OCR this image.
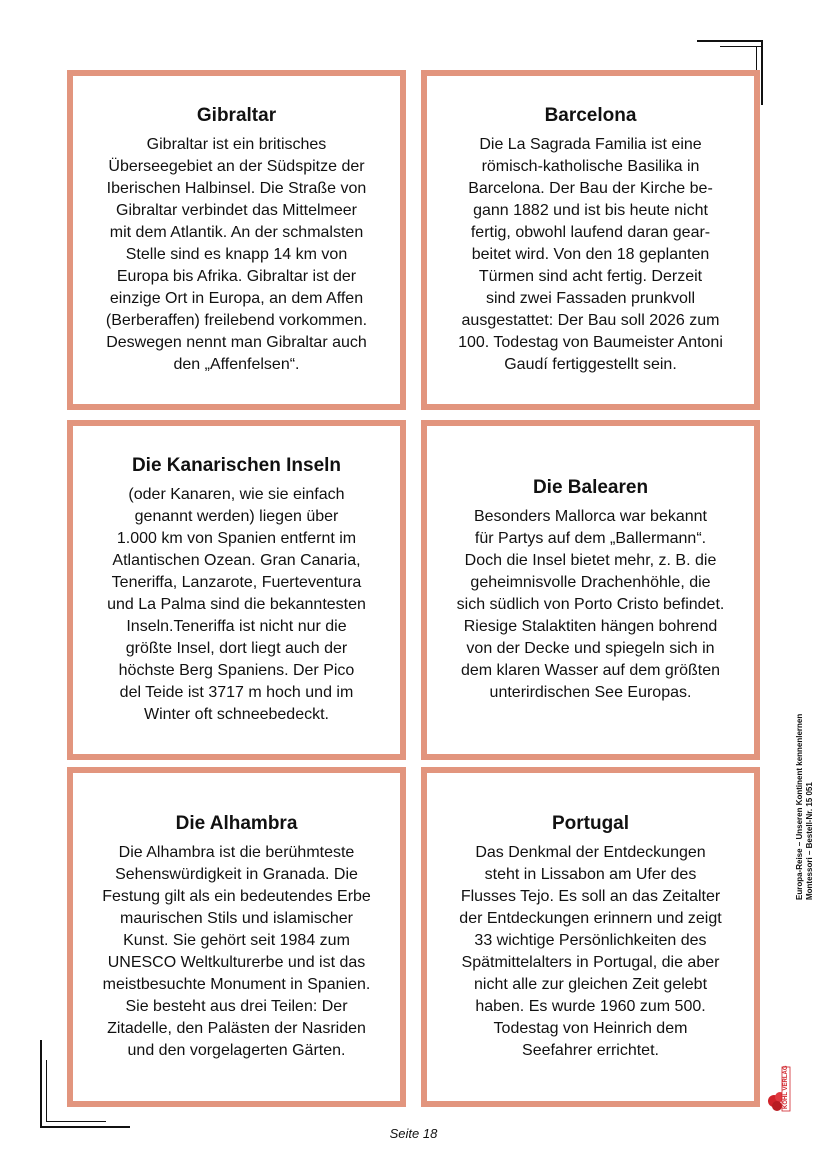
Gibraltar

Gibraltar ist ein britisches
Überseegebiet an der Südspitze der
Iberischen Halbinsel. Die Straße von
Gibraltar verbindet das Mittelmeer
mit dem Atlantik. An der schmalsten
Stelle sind es knapp 14 km von
Europa bis Afrika. Gibraltar ist der
einzige Ort in Europa, an dem Affen
(Berberaffen) freilebend vorkommen.
Deswegen nennt man Gibraltar auch
den „Affenfelsen“.

Barcelona

Die La Sagrada Familia ist eine
römisch-katholische Basilika in
Barcelona. Der Bau der Kirche be-
gann 1882 und ist bis heute nicht
fertig, obwohl laufend daran gear-
beitet wird. Von den 18 geplanten
Türmen sind acht fertig. Derzeit
sind zwei Fassaden prunkvoll
ausgestattet: Der Bau soll 2026 zum
100. Todestag von Baumeister Antoni
Gaudí fertiggestellt sein.

Die Kanarischen Inseln

(oder Kanaren, wie sie einfach
genannt werden) liegen über
1.000 km von Spanien entfernt im
Atlantischen Ozean. Gran Canaria,
Teneriffa, Lanzarote, Fuerteventura
und La Palma sind die bekanntesten
Inseln.Teneriffa ist nicht nur die
größte Insel, dort liegt auch der
höchste Berg Spaniens. Der Pico
del Teide ist 3717 m hoch und im
Winter oft schneebedeckt.

Die Balearen

Besonders Mallorca war bekannt
für Partys auf dem „Ballermann“.
Doch die Insel bietet mehr, z. B. die
geheimnisvolle Drachenhöhle, die
sich südlich von Porto Cristo befindet.
Riesige Stalaktiten hängen bohrend
von der Decke und spiegeln sich in
dem klaren Wasser auf dem größten
unterirdischen See Europas.

Die Alhambra

Die Alhambra ist die berühmteste
Sehenswürdigkeit in Granada. Die
Festung gilt als ein bedeutendes Erbe
maurischen Stils und islamischer
Kunst. Sie gehört seit 1984 zum
UNESCO Weltkulturerbe und ist das
meistbesuchte Monument in Spanien.
Sie besteht aus drei Teilen: Der
Zitadelle, den Palästen der Nasriden
und den vorgelagerten Gärten.

Portugal

Das Denkmal der Entdeckungen
steht in Lissabon am Ufer des
Flusses Tejo. Es soll an das Zeitalter
der Entdeckungen erinnern und zeigt
33 wichtige Persönlichkeiten des
Spätmittelalters in Portugal, die aber
nicht alle zur gleichen Zeit gelebt
haben. Es wurde 1960 zum 500.
Todestag von Heinrich dem
Seefahrer errichtet.

Europa-Reise – Unseren Kontinent kennenlernen Montessori – Bestell-Nr. 15 051
KOHL VERLAG
Seite 18
